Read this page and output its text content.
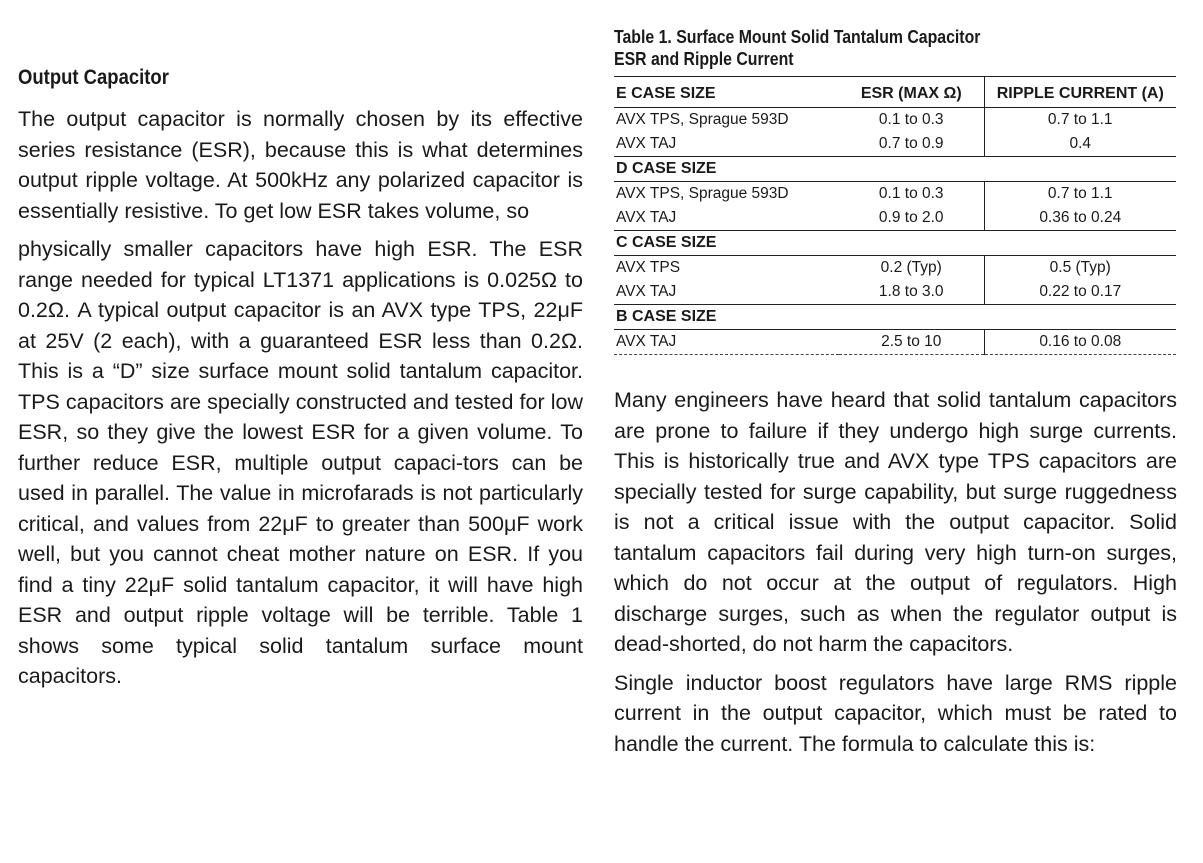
Output Capacitor

The output capacitor is normally chosen by its effective series resistance (ESR), because this is what determines output ripple voltage. At 500kHz any polarized capacitor is essentially resistive. To get low ESR takes volume, so

physically smaller capacitors have high ESR. The ESR range needed for typical LT1371 applications is 0.025Ω to 0.2Ω. A typical output capacitor is an AVX type TPS, 22μF at 25V (2 each), with a guaranteed ESR less than 0.2Ω. This is a “D” size surface mount solid tantalum capacitor. TPS capacitors are specially constructed and tested for low ESR, so they give the lowest ESR for a given volume. To further reduce ESR, multiple output capaci-tors can be used in parallel. The value in microfarads is not particularly critical, and values from 22μF to greater than 500μF work well, but you cannot cheat mother nature on ESR. If you find a tiny 22μF solid tantalum capacitor, it will have high ESR and output ripple voltage will be terrible. Table 1 shows some typical solid tantalum surface mount capacitors.

Table 1. Surface Mount Solid Tantalum Capacitor
ESR and Ripple Current
E CASE SIZE	ESR (MAX Ω)	RIPPLE CURRENT (A)
AVX TPS, Sprague 593D	0.1 to 0.3	0.7 to 1.1
AVX TAJ	0.7 to 0.9	0.4
D CASE SIZE		
AVX TPS, Sprague 593D	0.1 to 0.3	0.7 to 1.1
AVX TAJ	0.9 to 2.0	0.36 to 0.24
C CASE SIZE		
AVX TPS	0.2 (Typ)	0.5 (Typ)
AVX TAJ	1.8 to 3.0	0.22 to 0.17
B CASE SIZE		
AVX TAJ	2.5 to 10	0.16 to 0.08

Many engineers have heard that solid tantalum capacitors are prone to failure if they undergo high surge currents. This is historically true and AVX type TPS capacitors are specially tested for surge capability, but surge ruggedness is not a critical issue with the output capacitor. Solid tantalum capacitors fail during very high turn-on surges, which do not occur at the output of regulators. High discharge surges, such as when the regulator output is dead-shorted, do not harm the capacitors.

Single inductor boost regulators have large RMS ripple current in the output capacitor, which must be rated to handle the current. The formula to calculate this is:
